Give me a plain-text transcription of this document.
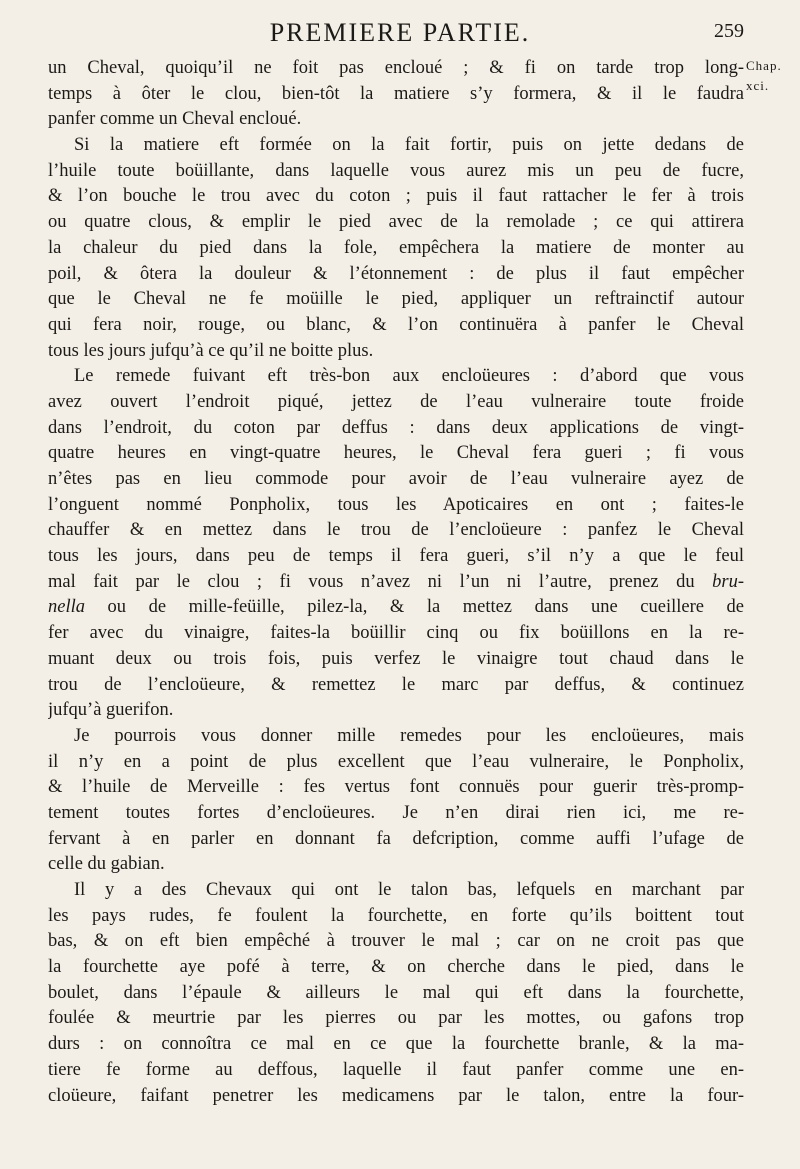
PREMIERE PARTIE.	259
Chap.
xci.
un Cheval, quoiqu’il ne foit pas encloué ; & fi on tarde trop long-
temps à ôter le clou, bien-tôt la matiere s’y formera, & il le faudra
panfer comme un Cheval encloué.
Si la matiere eft formée on la fait fortir, puis on jette dedans de
l’huile toute boüillante, dans laquelle vous aurez mis un peu de fucre,
& l’on bouche le trou avec du coton ; puis il faut rattacher le fer à trois
ou quatre clous, & emplir le pied avec de la remolade ; ce qui attirera
la chaleur du pied dans la fole, empêchera la matiere de monter au
poil, & ôtera la douleur & l’étonnement : de plus il faut empêcher
que le Cheval ne fe moüille le pied, appliquer un reftrainctif autour
qui fera noir, rouge, ou blanc, & l’on continuëra à panfer le Cheval
tous les jours jufqu’à ce qu’il ne boitte plus.
Le remede fuivant eft très-bon aux encloüeures : d’abord que vous
avez ouvert l’endroit piqué, jettez de l’eau vulneraire toute froide
dans l’endroit, du coton par deffus : dans deux applications de vingt-
quatre heures en vingt-quatre heures, le Cheval fera gueri ; fi vous
n’êtes pas en lieu commode pour avoir de l’eau vulneraire ayez de
l’onguent nommé Ponpholix, tous les Apoticaires en ont ; faites-le
chauffer & en mettez dans le trou de l’encloüeure : panfez le Cheval
tous les jours, dans peu de temps il fera gueri, s’il n’y a que le feul
mal fait par le clou ; fi vous n’avez ni l’un ni l’autre, prenez du bru-
nella ou de mille-feüille, pilez-la, & la mettez dans une cueillere de
fer avec du vinaigre, faites-la boüillir cinq ou fix boüillons en la re-
muant deux ou trois fois, puis verfez le vinaigre tout chaud dans le
trou de l’encloüeure, & remettez le marc par deffus, & continuez
jufqu’à guerifon.
Je pourrois vous donner mille remedes pour les encloüeures, mais
il n’y en a point de plus excellent que l’eau vulneraire, le Ponpholix,
& l’huile de Merveille : fes vertus font connuës pour guerir très-promp-
tement toutes fortes d’encloüeures. Je n’en dirai rien ici, me re-
fervant à en parler en donnant fa defcription, comme auffi l’ufage de
celle du gabian.
Il y a des Chevaux qui ont le talon bas, lefquels en marchant par
les pays rudes, fe foulent la fourchette, en forte qu’ils boittent tout
bas, & on eft bien empêché à trouver le mal ; car on ne croit pas que
la fourchette aye pofé à terre, & on cherche dans le pied, dans le
boulet, dans l’épaule & ailleurs le mal qui eft dans la fourchette,
foulée & meurtrie par les pierres ou par les mottes, ou gafons trop
durs : on connoîtra ce mal en ce que la fourchette branle, & la ma-
tiere fe forme au deffous, laquelle il faut panfer comme une en-
cloüeure, faifant penetrer les medicamens par le talon, entre la four-
